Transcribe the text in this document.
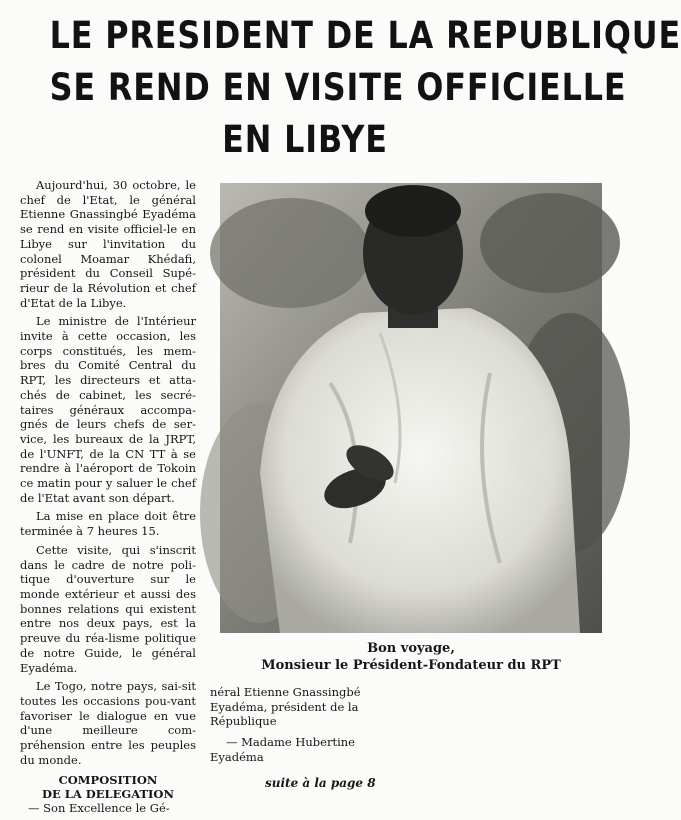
LE PRESIDENT DE LA REPUBLIQUE
SE REND EN VISITE OFFICIELLE
EN LIBYE

Aujourd'hui, 30 octobre, le chef de l'Etat, le général Etienne Gnassingbé Eyadéma se rend en visite officiel-le en Libye sur l'invitation du colonel Moamar Khédafi, président du Conseil Supé-rieur de la Révolution et chef d'Etat de la Libye.

Le ministre de l'Intérieur invite à cette occasion, les corps constitués, les mem-bres du Comité Central du RPT, les directeurs et atta-chés de cabinet, les secré-taires généraux accompa-gnés de leurs chefs de ser-vice, les bureaux de la JRPT, de l'UNFT, de la CN TT à se rendre à l'aéroport de Tokoin ce matin pour y saluer le chef de l'Etat avant son départ.

La mise en place doit être terminée à 7 heures 15.

Cette visite, qui s'inscrit dans le cadre de notre poli-tique d'ouverture sur le monde extérieur et aussi des bonnes relations qui existent entre nos deux pays, est la preuve du réa-lisme politique de notre Guide, le général Eyadéma.

Le Togo, notre pays, sai-sit toutes les occasions pou-vant favoriser le dialogue en vue d'une meilleure com-préhension entre les peuples du monde.

COMPOSITION
DE LA DELEGATION

— Son Excellence le Gé-

Bon voyage,
Monsieur le Président-Fondateur du RPT

néral Etienne Gnassingbé Eyadéma, président de la République

— Madame Hubertine Eyadéma

suite à la page 8
